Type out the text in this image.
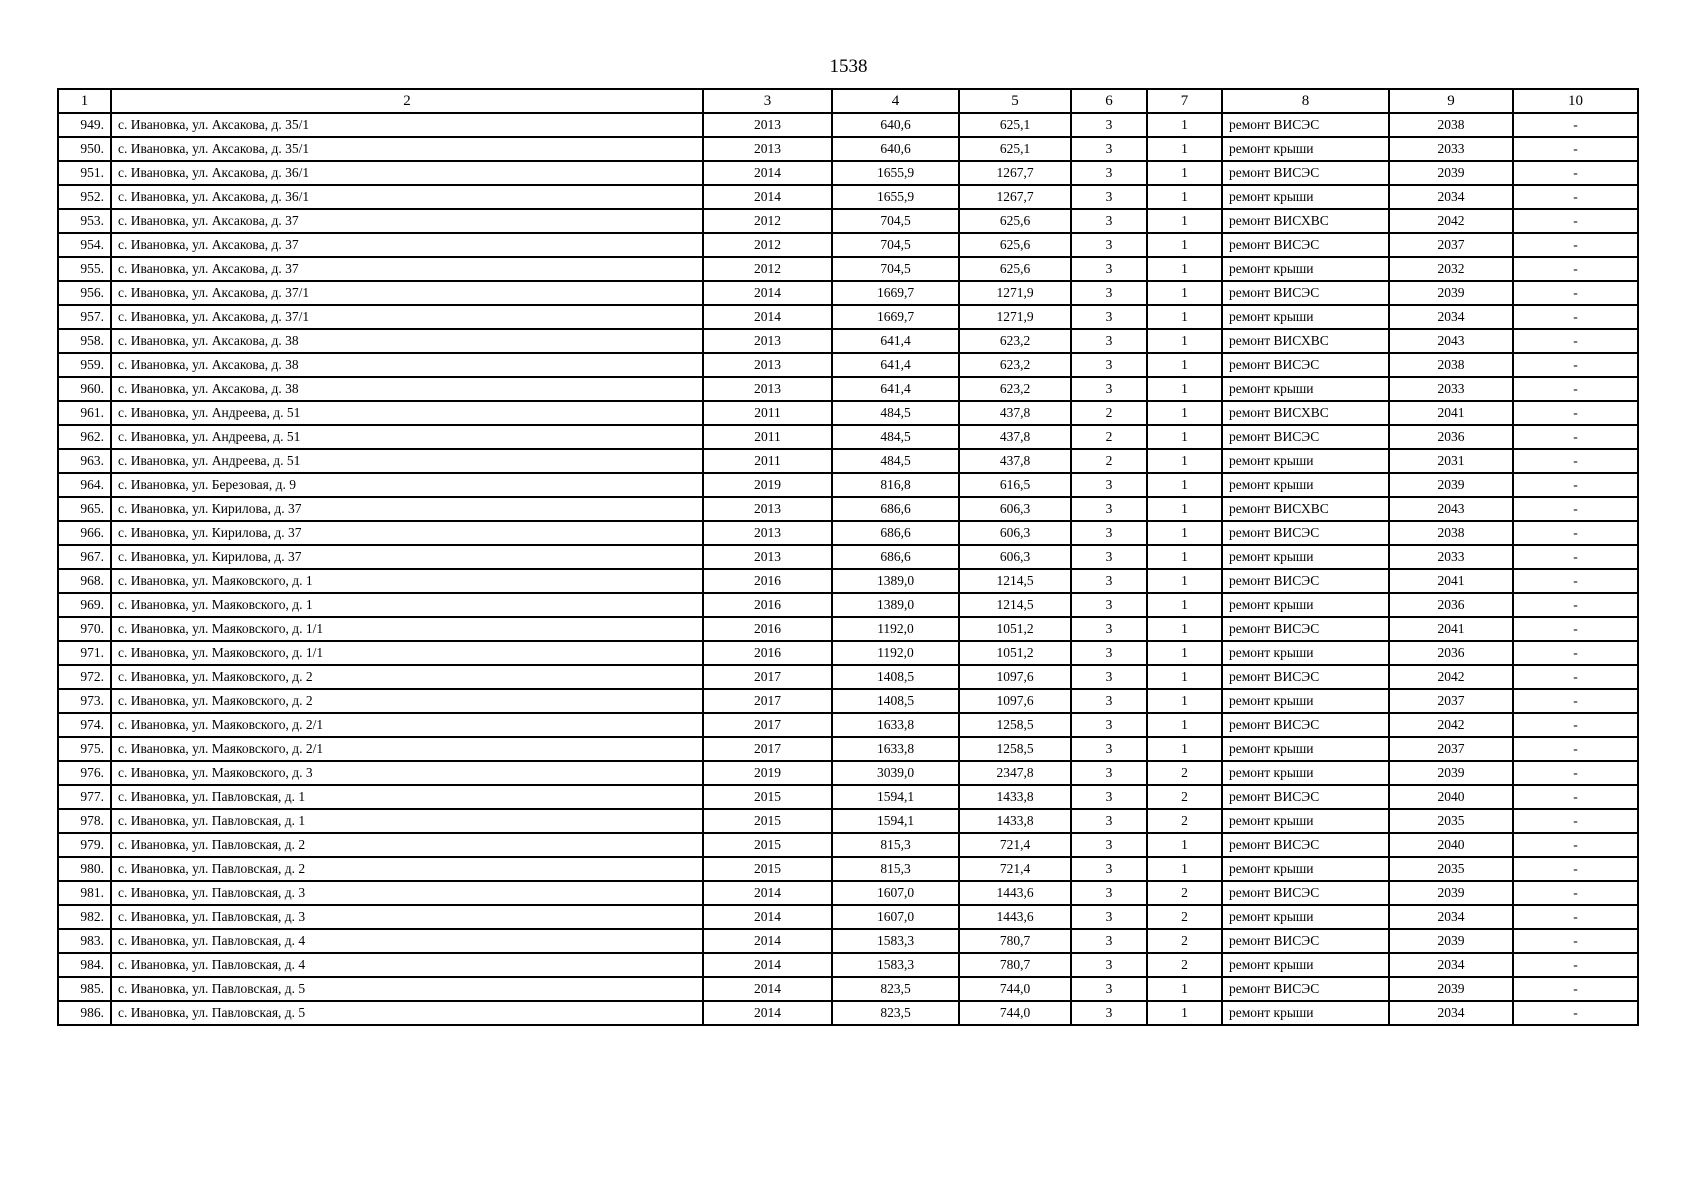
1538
1	2	3	4	5	6	7	8	9	10
949.	с. Ивановка, ул. Аксакова, д. 35/1	2013	640,6	625,1	3	1	ремонт ВИСЭС	2038	-
950.	с. Ивановка, ул. Аксакова, д. 35/1	2013	640,6	625,1	3	1	ремонт крыши	2033	-
951.	с. Ивановка, ул. Аксакова, д. 36/1	2014	1655,9	1267,7	3	1	ремонт ВИСЭС	2039	-
952.	с. Ивановка, ул. Аксакова, д. 36/1	2014	1655,9	1267,7	3	1	ремонт крыши	2034	-
953.	с. Ивановка, ул. Аксакова, д. 37	2012	704,5	625,6	3	1	ремонт ВИСХВС	2042	-
954.	с. Ивановка, ул. Аксакова, д. 37	2012	704,5	625,6	3	1	ремонт ВИСЭС	2037	-
955.	с. Ивановка, ул. Аксакова, д. 37	2012	704,5	625,6	3	1	ремонт крыши	2032	-
956.	с. Ивановка, ул. Аксакова, д. 37/1	2014	1669,7	1271,9	3	1	ремонт ВИСЭС	2039	-
957.	с. Ивановка, ул. Аксакова, д. 37/1	2014	1669,7	1271,9	3	1	ремонт крыши	2034	-
958.	с. Ивановка, ул. Аксакова, д. 38	2013	641,4	623,2	3	1	ремонт ВИСХВС	2043	-
959.	с. Ивановка, ул. Аксакова, д. 38	2013	641,4	623,2	3	1	ремонт ВИСЭС	2038	-
960.	с. Ивановка, ул. Аксакова, д. 38	2013	641,4	623,2	3	1	ремонт крыши	2033	-
961.	с. Ивановка, ул. Андреева, д. 51	2011	484,5	437,8	2	1	ремонт ВИСХВС	2041	-
962.	с. Ивановка, ул. Андреева, д. 51	2011	484,5	437,8	2	1	ремонт ВИСЭС	2036	-
963.	с. Ивановка, ул. Андреева, д. 51	2011	484,5	437,8	2	1	ремонт крыши	2031	-
964.	с. Ивановка, ул. Березовая, д. 9	2019	816,8	616,5	3	1	ремонт крыши	2039	-
965.	с. Ивановка, ул. Кирилова, д. 37	2013	686,6	606,3	3	1	ремонт ВИСХВС	2043	-
966.	с. Ивановка, ул. Кирилова, д. 37	2013	686,6	606,3	3	1	ремонт ВИСЭС	2038	-
967.	с. Ивановка, ул. Кирилова, д. 37	2013	686,6	606,3	3	1	ремонт крыши	2033	-
968.	с. Ивановка, ул. Маяковского, д. 1	2016	1389,0	1214,5	3	1	ремонт ВИСЭС	2041	-
969.	с. Ивановка, ул. Маяковского, д. 1	2016	1389,0	1214,5	3	1	ремонт крыши	2036	-
970.	с. Ивановка, ул. Маяковского, д. 1/1	2016	1192,0	1051,2	3	1	ремонт ВИСЭС	2041	-
971.	с. Ивановка, ул. Маяковского, д. 1/1	2016	1192,0	1051,2	3	1	ремонт крыши	2036	-
972.	с. Ивановка, ул. Маяковского, д. 2	2017	1408,5	1097,6	3	1	ремонт ВИСЭС	2042	-
973.	с. Ивановка, ул. Маяковского, д. 2	2017	1408,5	1097,6	3	1	ремонт крыши	2037	-
974.	с. Ивановка, ул. Маяковского, д. 2/1	2017	1633,8	1258,5	3	1	ремонт ВИСЭС	2042	-
975.	с. Ивановка, ул. Маяковского, д. 2/1	2017	1633,8	1258,5	3	1	ремонт крыши	2037	-
976.	с. Ивановка, ул. Маяковского, д. 3	2019	3039,0	2347,8	3	2	ремонт крыши	2039	-
977.	с. Ивановка, ул. Павловская, д. 1	2015	1594,1	1433,8	3	2	ремонт ВИСЭС	2040	-
978.	с. Ивановка, ул. Павловская, д. 1	2015	1594,1	1433,8	3	2	ремонт крыши	2035	-
979.	с. Ивановка, ул. Павловская, д. 2	2015	815,3	721,4	3	1	ремонт ВИСЭС	2040	-
980.	с. Ивановка, ул. Павловская, д. 2	2015	815,3	721,4	3	1	ремонт крыши	2035	-
981.	с. Ивановка, ул. Павловская, д. 3	2014	1607,0	1443,6	3	2	ремонт ВИСЭС	2039	-
982.	с. Ивановка, ул. Павловская, д. 3	2014	1607,0	1443,6	3	2	ремонт крыши	2034	-
983.	с. Ивановка, ул. Павловская, д. 4	2014	1583,3	780,7	3	2	ремонт ВИСЭС	2039	-
984.	с. Ивановка, ул. Павловская, д. 4	2014	1583,3	780,7	3	2	ремонт крыши	2034	-
985.	с. Ивановка, ул. Павловская, д. 5	2014	823,5	744,0	3	1	ремонт ВИСЭС	2039	-
986.	с. Ивановка, ул. Павловская, д. 5	2014	823,5	744,0	3	1	ремонт крыши	2034	-
